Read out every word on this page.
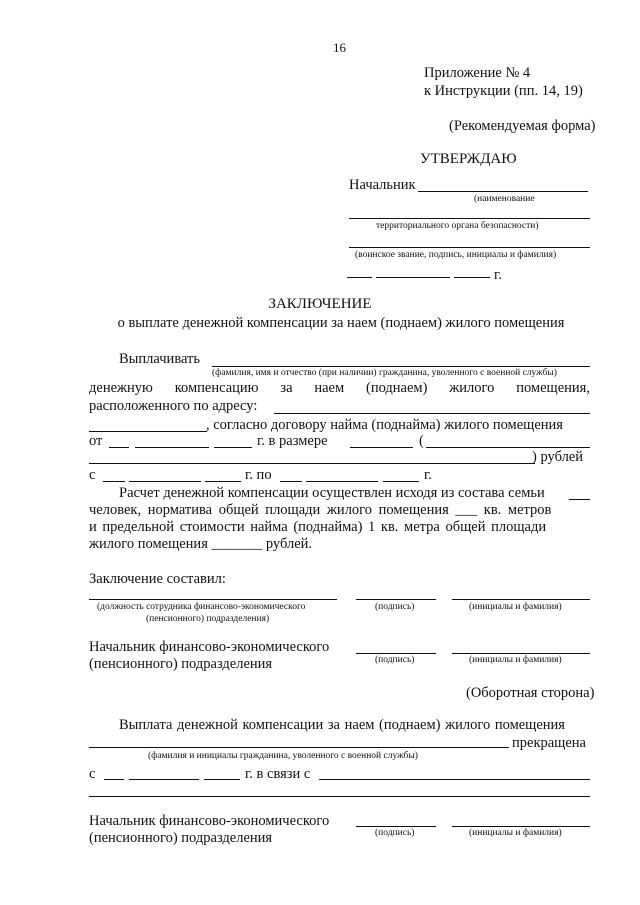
16
Приложение № 4
к Инструкции (пп. 14, 19)
(Рекомендуемая форма)
УТВЕРЖДАЮ
Начальник
(наименование
территориального органа безопасности)
(воинское звание, подпись, инициалы и фамилия)
г.
ЗАКЛЮЧЕНИЕ
о выплате денежной компенсации за наем (поднаем) жилого помещения
Выплачивать
(фамилия, имя и отчество (при наличии) гражданина, уволенного с военной службы)
денежную компенсацию за наем (поднаем) жилого помещения,
расположенного по адресу:
, согласно договору найма (поднайма) жилого помещения
от	г. в размере	(
) рублей
с	г. по	г.
Расчет денежной компенсации осуществлен исходя из состава семьи
человек, норматива общей площади жилого помещения ___ кв. метров
и предельной стоимости найма (поднайма) 1 кв. метра общей площади
жилого помещения _______ рублей.
Заключение составил:
(должность сотрудника финансово-экономического
(пенсионного) подразделения)
(подпись)	(инициалы и фамилия)
Начальник финансово-экономического
(пенсионного) подразделения	(подпись)	(инициалы и фамилия)
(Оборотная сторона)
Выплата денежной компенсации за наем (поднаем) жилого помещения
прекращена
(фамилия и инициалы гражданина, уволенного с военной службы)
с	г. в связи с
Начальник финансово-экономического
(пенсионного) подразделения	(подпись)	(инициалы и фамилия)
